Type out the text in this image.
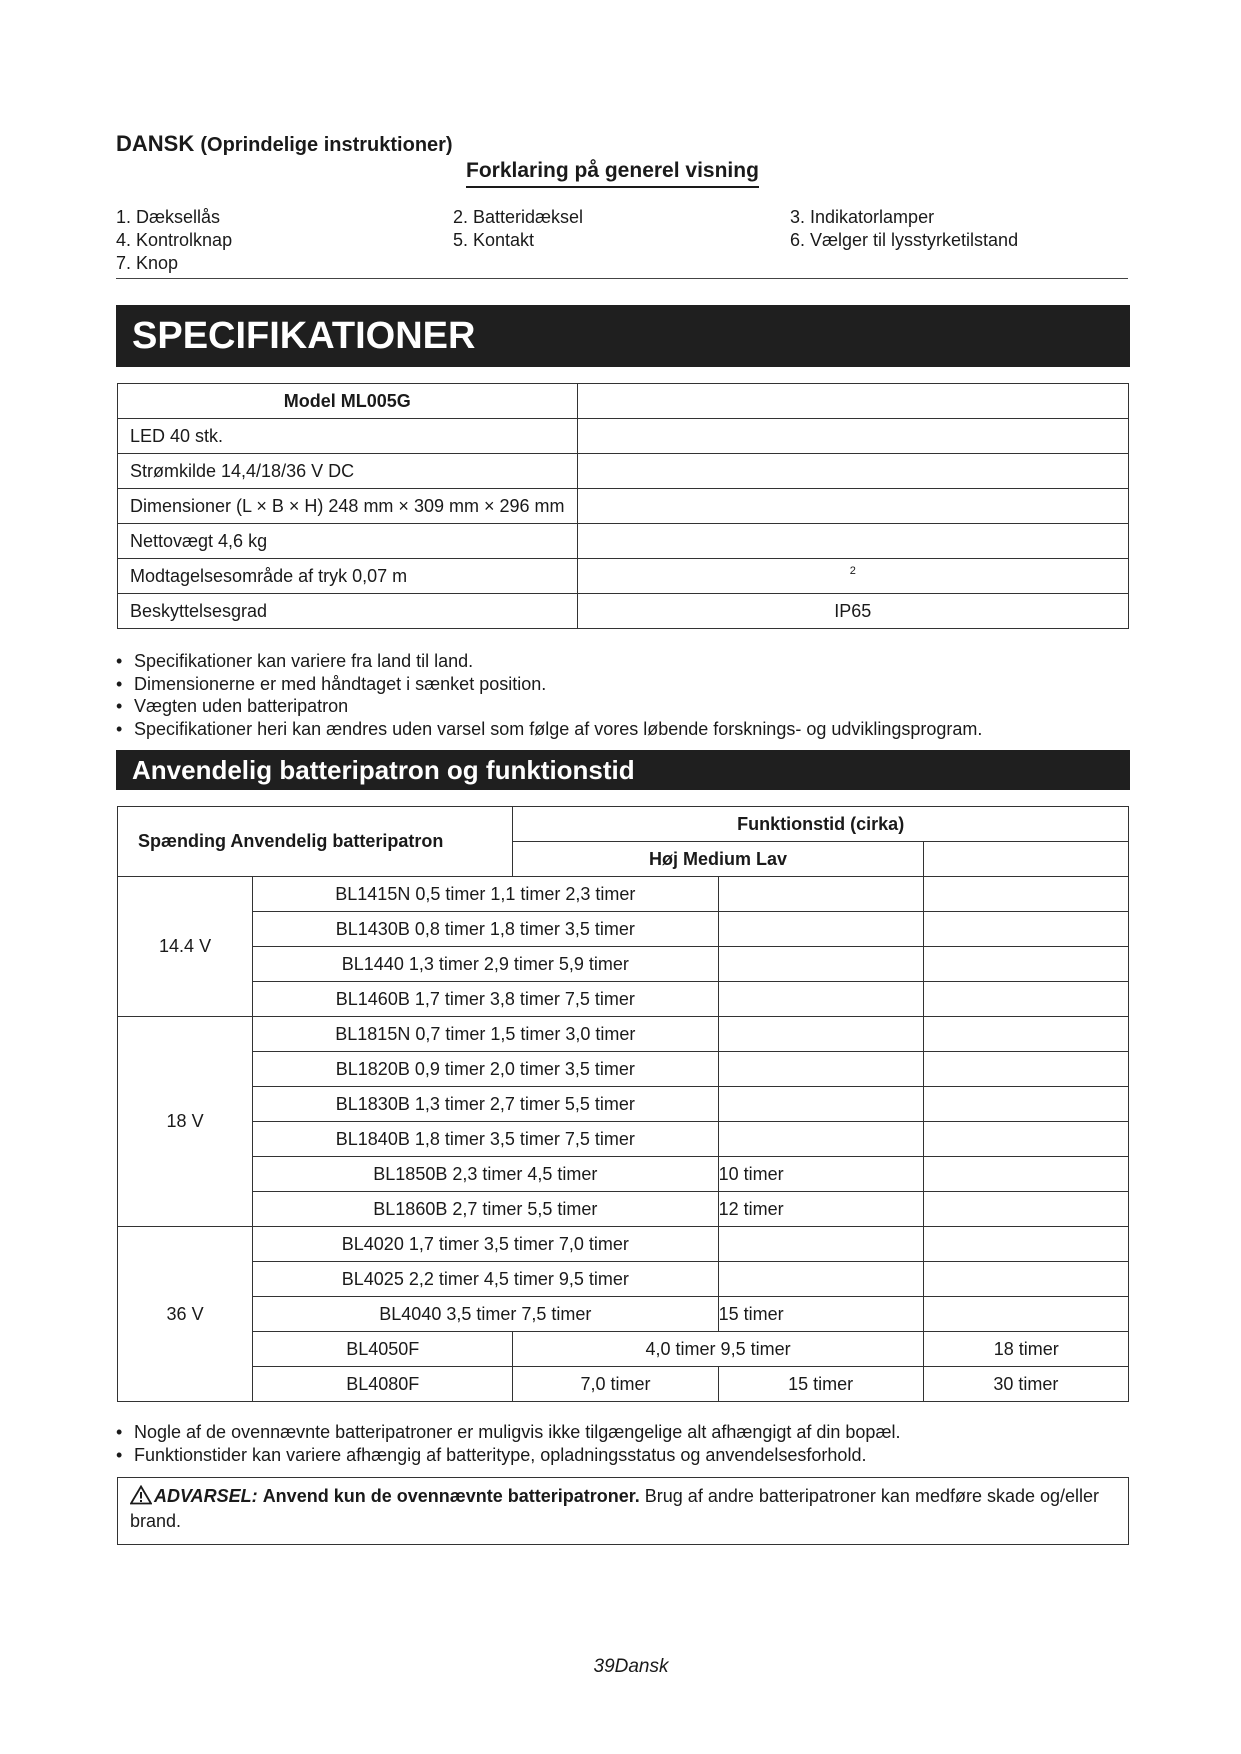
DANSK (Oprindelige instruktioner)
Forklaring på generel visning
1. Dæksellås	2. Batteridæksel	3. Indikatorlamper
4. Kontrolknap	5. Kontakt	6. Vælger til lysstyrketilstand
7. Knop
SPECIFIKATIONER
Model ML005G	
LED 40 stk.	
Strømkilde 14,4/18/36 V DC	
Dimensioner (L × B × H) 248 mm × 309 mm × 296 mm	
Nettovægt 4,6 kg	
Modtagelsesområde af tryk 0,07 m	$^2$
Beskyttelsesgrad	IP65
• Specifikationer kan variere fra land til land.
• Dimensionerne er med håndtaget i sænket position.
• Vægten uden batteripatron
• Specifikationer heri kan ændres uden varsel som følge af vores løbende forsknings- og udviklingsprogram.
Anvendelig batteripatron og funktionstid
Spænding Anvendelig batteripatron		Funktionstid (cirka)		
		Høj Medium Lav		
14.4 V	BL1415N 0,5 timer 1,1 timer 2,3 timer			
	BL1430B 0,8 timer 1,8 timer 3,5 timer			
	BL1440 1,3 timer 2,9 timer 5,9 timer			
	BL1460B 1,7 timer 3,8 timer 7,5 timer			
18 V	BL1815N 0,7 timer 1,5 timer 3,0 timer			
	BL1820B 0,9 timer 2,0 timer 3,5 timer			
	BL1830B 1,3 timer 2,7 timer 5,5 timer			
	BL1840B 1,8 timer 3,5 timer 7,5 timer			
	BL1850B 2,3 timer 4,5 timer		10 timer	
	BL1860B 2,7 timer 5,5 timer		12 timer	
36 V	BL4020 1,7 timer 3,5 timer 7,0 timer			
	BL4025 2,2 timer 4,5 timer 9,5 timer			
	BL4040 3,5 timer 7,5 timer		15 timer	
	BL4050F	4,0 timer 9,5 timer		18 timer
	BL4080F	7,0 timer	15 timer	30 timer
• Nogle af de ovennævnte batteripatroner er muligvis ikke tilgængelige alt afhængigt af din bopæl.
• Funktionstider kan variere afhængig af batteritype, opladningsstatus og anvendelsesforhold.
ADVARSEL: Anvend kun de ovennævnte batteripatroner. Brug af andre batteripatroner kan medføre skade og/eller brand.
39Dansk
